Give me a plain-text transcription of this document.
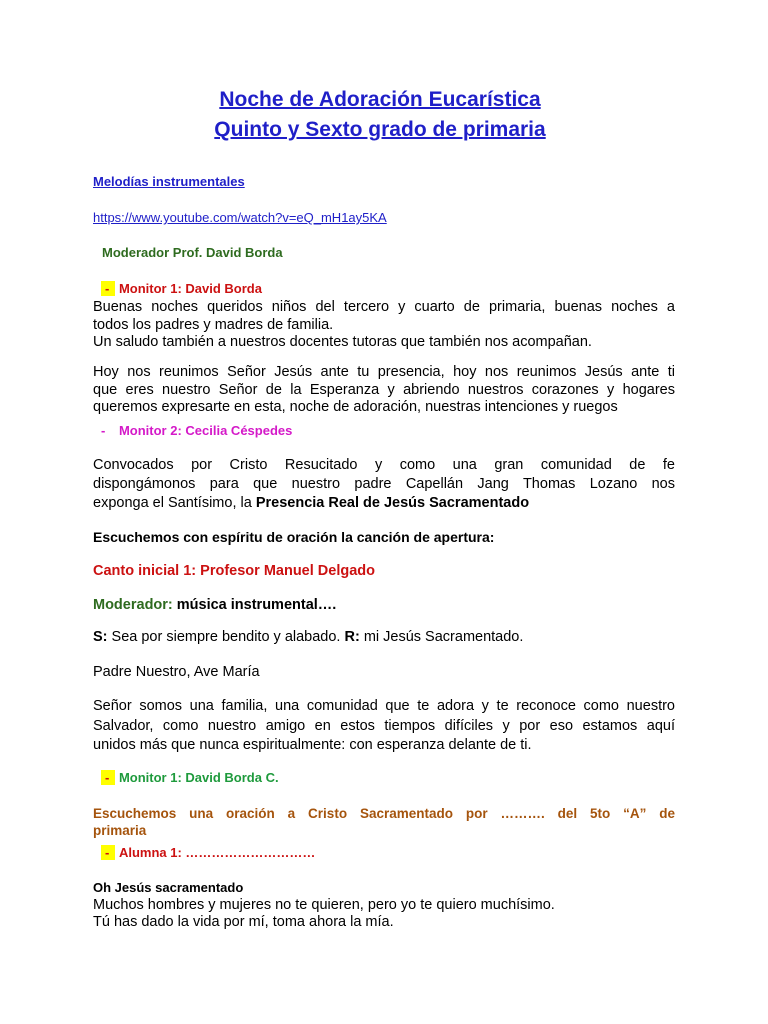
Noche de Adoración Eucarística
Quinto y Sexto grado de primaria
Melodías instrumentales
https://www.youtube.com/watch?v=eQ_mH1ay5KA
Moderador Prof. David Borda
- Monitor 1: David Borda

Buenas noches queridos niños del tercero y cuarto de primaria, buenas noches a

todos los padres y madres de familia.

Un saludo también a nuestros docentes tutoras que también nos acompañan.

Hoy nos reunimos Señor Jesús ante tu presencia, hoy nos reunimos Jesús ante ti

que eres nuestro Señor de la Esperanza y abriendo nuestros corazones y hogares

queremos expresarte en esta, noche de adoración, nuestras intenciones y ruegos

- Monitor 2: Cecilia Céspedes

Convocados por Cristo Resucitado y como una gran comunidad de fe

dispongámonos para que nuestro padre Capellán Jang Thomas Lozano nos

exponga el Santísimo, la Presencia Real de Jesús Sacramentado

Escuchemos con espíritu de oración la canción de apertura:
Canto inicial 1: Profesor Manuel Delgado
Moderador: música instrumental….
S: Sea por siempre bendito y alabado. R: mi Jesús Sacramentado.
Padre Nuestro, Ave María

Señor somos una familia, una comunidad que te adora y te reconoce como nuestro

Salvador, como nuestro amigo en estos tiempos difíciles y por eso estamos aquí

unidos más que nunca espiritualmente: con esperanza delante de ti.

- Monitor 1: David Borda C.

Escuchemos una oración a Cristo Sacramentado por ………. del 5to “A” de

primaria

- Alumna 1: …………………………
Oh Jesús sacramentado

Muchos hombres y mujeres no te quieren, pero yo te quiero muchísimo.

Tú has dado la vida por mí, toma ahora la mía.
